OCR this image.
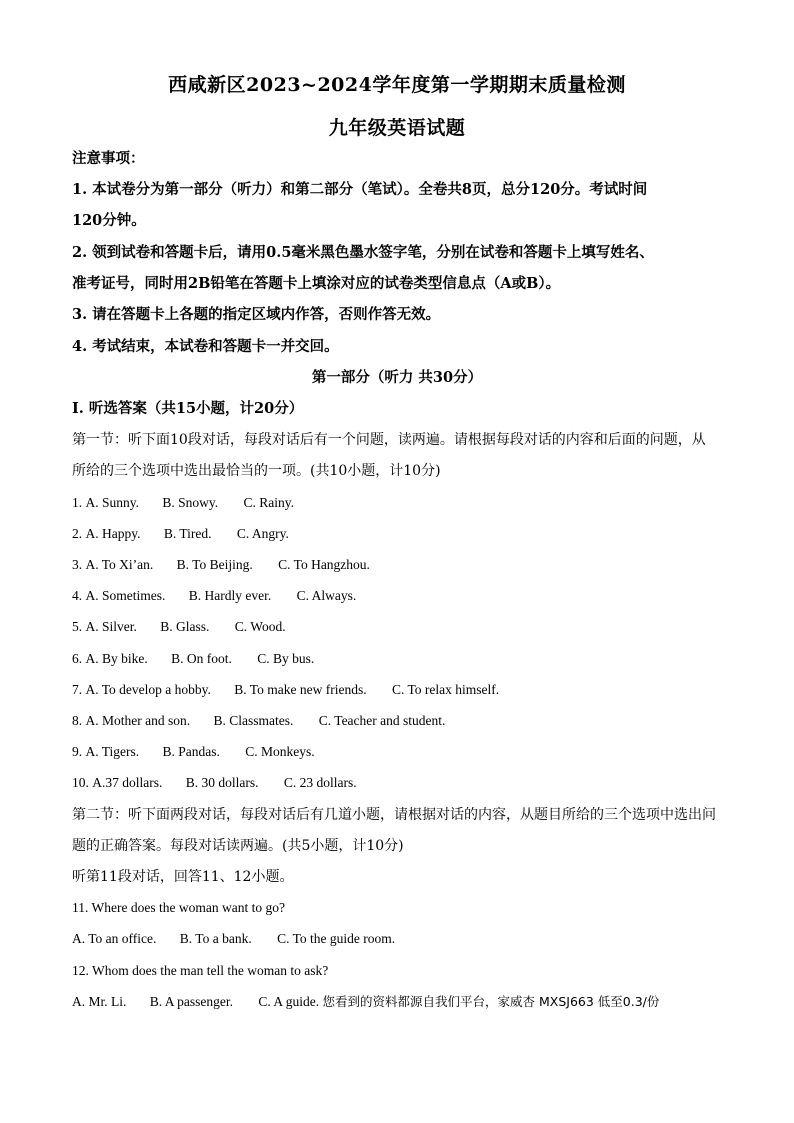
西咸新区2023~2024学年度第一学期期末质量检测
九年级英语试题
注意事项：
1. 本试卷分为第一部分（听力）和第二部分（笔试）。全卷共8页，总分120分。考试时间
120分钟。
2. 领到试卷和答题卡后，请用0.5毫米黑色墨水签字笔，分别在试卷和答题卡上填写姓名、
准考证号，同时用2B铅笔在答题卡上填涂对应的试卷类型信息点（A或B）。
3. 请在答题卡上各题的指定区域内作答，否则作答无效。
4. 考试结束，本试卷和答题卡一并交回。
第一部分（听力 共30分）
Ⅰ. 听选答案（共15小题，计20分）
第一节：听下面10段对话，每段对话后有一个问题，读两遍。请根据每段对话的内容和后面的问题，从
所给的三个选项中选出最恰当的一项。(共10小题，计10分)
1. A. Sunny. B. Snowy. C. Rainy.
2. A. Happy. B. Tired. C. Angry.
3. A. To Xi’an. B. To Beijing. C. To Hangzhou.
4. A. Sometimes. B. Hardly ever. C. Always.
5. A. Silver. B. Glass. C. Wood.
6. A. By bike. B. On foot. C. By bus.
7. A. To develop a hobby. B. To make new friends. C. To relax himself.
8. A. Mother and son. B. Classmates. C. Teacher and student.
9. A. Tigers. B. Pandas. C. Monkeys.
10. A.37 dollars. B. 30 dollars. C. 23 dollars.
第二节：听下面两段对话，每段对话后有几道小题，请根据对话的内容，从题目所给的三个选项中选出问
题的正确答案。每段对话读两遍。(共5小题，计10分)
听第11段对话，回答11、12小题。
11. Where does the woman want to go?
A. To an office. B. To a bank. C. To the guide room.
12. Whom does the man tell the woman to ask?
A. Mr. Li. B. A passenger. C. A guide. 您看到的资料都源自我们平台，家威杏 MXSJ663 低至0.3/份
